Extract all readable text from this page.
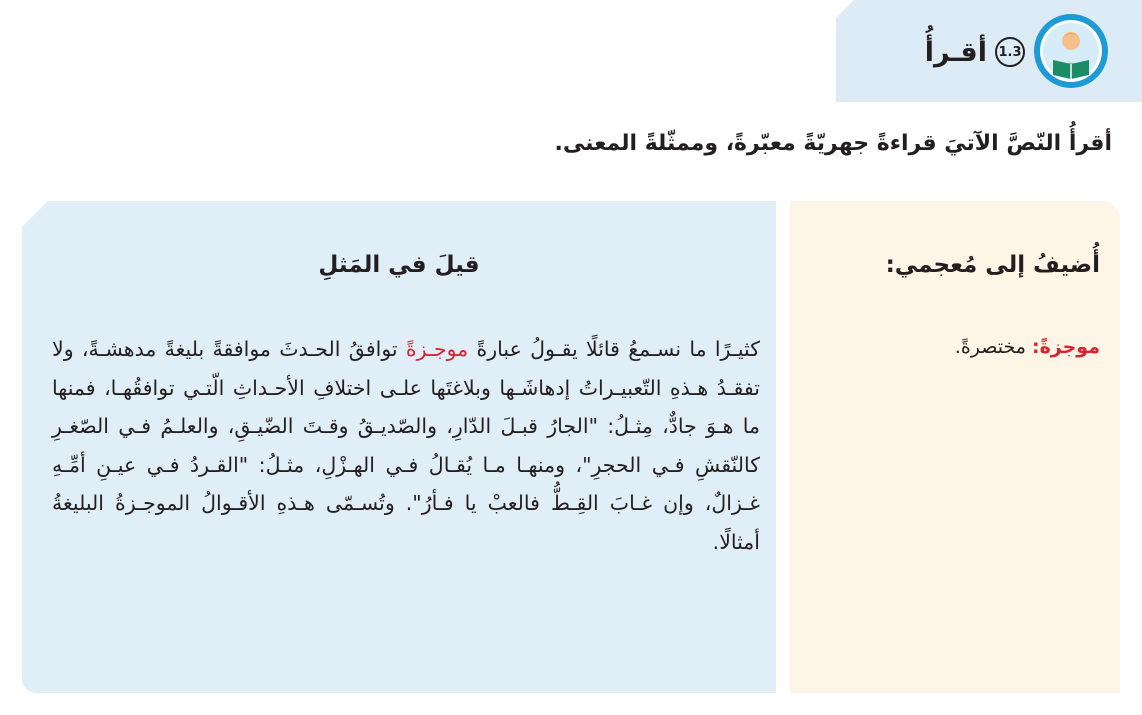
1.3
أقـرأُ

أقرأُ النّصَّ الآتيَ قراءةً جهريّةً معبّرةً، وممثّلةً المعنى.

قيلَ في المَثلِ

كثيـرًا ما نسـمعُ قائلًا يقـولُ عبارةً موجـزةً توافقُ الحـدثَ موافقةً بليغةً مدهشـةً، ولا تفقـدُ هـذهِ التّعبيـراتُ إدهاشَـها وبلاغتَها علـى اختلافِ الأحـداثِ الّتـي توافقُهـا، فمنها ما هـوَ جادٌّ، مِثـلُ: "الجارُ قبـلَ الدّارِ، والصّديـقُ وقـتَ الضّيـقِ، والعلـمُ فـي الصّغـرِ كالنّقشِ فـي الحجرِ"، ومنهـا مـا يُقـالُ فـي الهـزْلِ، مثـلُ: "القـردُ فـي عيـنِ أمِّـهِ غـزالٌ، وإن غـابَ القِـطُّ فالعبْ يا فـأرُ". وتُسـمّى هـذهِ الأقـوالُ الموجـزةُ البليغةُ أمثالًا.

أُضيفُ إلى مُعجمي:

موجزةً: مختصرةً.
